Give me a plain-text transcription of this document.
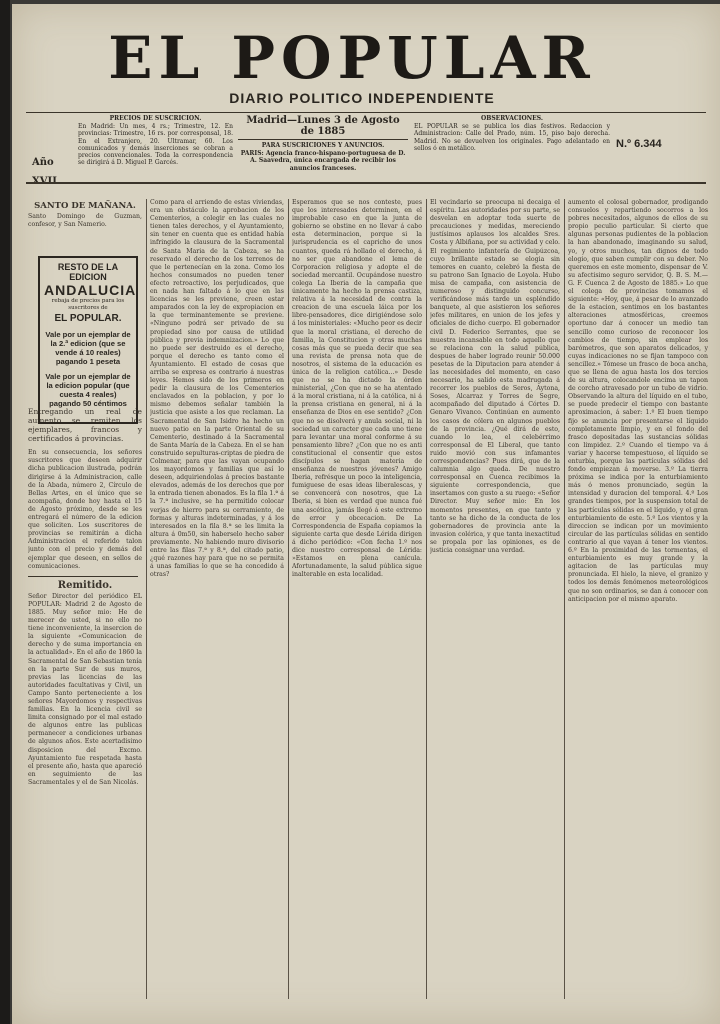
EL POPULAR
DIARIO POLITICO INDEPENDIENTE
Año
PRECIOS DE SUSCRICION.
En Madrid: Un mes, 4 rs.; Trimestre, 12. En provincias: Trimestre, 16 rs. por corresponsal, 18. En el Extranjero, 20. Ultramar, 60. Los comunicados y demás inserciones se cobran a precios convencionales. Toda la correspondencia se dirigirá á D. Miguel P. Garcés.
Madrid—Lunes 3 de Agosto de 1885
PARA SUSCRICIONES Y ANUNCIOS.
PARIS: Agencia franco-hispano-portuguesa de D. A. Saavedra, única encargada de recibir los anuncios franceses.
OBSERVACIONES.
EL POPULAR se se publica los dias festivos. Redaccion y Administracion: Calle del Prado, núm. 15, piso bajo derecha. Madrid. No se devuelven los originales. Pago adelantado en sellos ó en metálico.	N.º 6.344
SANTO DE MAÑANA.
Santo Domingo de Guzman, confesor, y San Namerio.
Entregando un real de aumento se remiten los ejemplares, francos y certificados á provincias.
En su consecuencia, los señores suscritores que deseen adquirir dicha publicacion ilustrada, podrán dirigirse á la Administracion, calle de la Abada, número 2, Círculo de Bellas Artes, en el único que se acompaña, donde hoy hasta el 15 de Agosto próximo, desde se les entregará el número de la edicion que soliciten. Los suscritores de provincias se remitirán a dicha Administracion el referido talon junto con el precio y demás del ejemplar que deseen, en sellos de comunicaciones.
Remitido.
Señor Director del periódico EL POPULAR: Madrid 2 de Agosto de 1885. Muy señor mio: He de merecer de usted, si no ello no tiene inconveniente, la insercion de la siguiente «Comunicacion de derecho y de suma importancia en la actualidad». En el año de 1860 la Sacramental de San Sebastian tenía en la parte Sur de sus muros, previas las licencias de las autoridades facultativas y Civil, un Campo Santo perteneciente a los señores Mayordomos y respectivas familias. En la licencia civil se limita consignado por el mal estado de algunos entre las publicas permanecer a condiciones urbanas de algunos años. Este acertadisimo disposicion del Excmo. Ayuntamiento fue respetada hasta el presente año, hasta que apareció en seguimiento de las Sacramentales y el de San Nicolás.
RESTO DE LA EDICION
ANDALUCIA
rebaja de precios para los suscritores de
EL POPULAR.
Vale por un ejemplar de la 2.ª edicion (que se vende á 10 reales) pagando 1 peseta
Vale por un ejemplar de la edicion popular (que cuesta 4 reales) pagando 50 céntimos
Como para el arriendo de estas viviendas, era un obstáculo la aprobacion de los Cementerios, a colegir en las cuales no tienen tales derechos, y el Ayuntamiento, sin tener en cuenta que es entidad había infringido la clausura de la Sacramental de Santa Maria de la Cabeza, se ha reservado el derecho de los terrenos de que le pertenecían en la zona. Como los hechos consumados no pueden tener efecto retroactivo, los perjudicados, que en nada han faltado á lo que en las licencias se les previene, creen estar amparados con la ley de expropiacion en la que terminantemente se previene. «Ninguno podrá ser privado de su propiedad sino por causa de utilidad pública y previa indemnizacion.» Lo que no puede ser destruido es el derecho, porque el derecho es tanto como el Ayuntamiento. El estado de cosas que arriba se expresa es contrario á nuestras leyes. Hemos sido de los primeros en pedir la clausura de los Cementerios enclavados en la poblacion, y por lo mismo debemos señalar también la justicia que asiste a los que reclaman. La Sacramental de San Isidro ha hecho un nuevo patio en la parte Oriental de su Cementerio, destinado á la Sacramental de Santa María de la Cabeza. En el se han construido sepulturas-criptas de piedra de Colmenar, para que las vayan ocupando los mayordomos y familias que así lo deseen, adquiriendolas á precios bastante elevados, además de los derechos que por la entrada tienen abonados. Es la fila 1.ª á la 7.ª inclusive, se ha permitido colocar verjas de hierro para su cerramiento, de formas y alturas indeterminadas, y á los interesados en la fila 8.ª se les limita la altura á 0m50, sin haberselo hecho saber previamente. No habiendo muro divisorio entre las filas 7.ª y 8.ª, del citado patio, ¿qué razones hay para que no se permita á unas familias lo que se ha concedido á otras?
Esperamos que se nos conteste, pues que los interesados determinen, en el improbable caso en que la junta de gobierno se obstine en no llevar á cabo esta determinacion, porque si la jurisprudencia es el capricho de unos cuantos, queda rá hollado el derecho, á no ser que abandone el lema de Corporacion religiosa y adopte el de sociedad mercantil. Ocupándose nuestro colega La Iberia de la campaña que únicamente ha hecho la prensa castiza, relativa á la necesidad de contra la creacion de una escuela láica por los libre-pensadores, dice dirigiéndose solo á los ministeriales: «Mucho peor es decir que la moral cristiana, el derecho de familia, la Constitucion y otras muchas cosas más que se pueda decir que sea una revista de prensa nota que de nosotros, el sistema de la educación es única de la religion católica...» Desde que no se ha dictado la órden ministerial, ¿Con que no se ha atentado á la moral cristiana, ni á la católica, ni á la prensa cristiana en general, ni á la enseñanza de Dios en ese sentido? ¿Con que no se disolverá y anula social, ni la sociedad un caracter gue cada uno tiene para levantar una moral conforme á su pensamiento libre? ¿Con que no es anti constitucional el consentir que estos discípulos se hagan materia de enseñanza de nuestros jóvenes? Amigo Iberia, refrésque un poco la inteligencia, fumiguese de esas ideas liberalescas, y se convencerá con nosotros, que La Iberia, si bien es verdad que nunca fué una ascética, jamás llegó á este extremo de error y obcecacion. De La Correspondencia de España copiamos la siguiente carta que desde Lérida dirigen á dicho periódico: «Con fecha 1.º nos dice nuestro corresponsal de Lérida: »Estamos en plena canícula. Afortunadamente, la salud pública sigue inalterable en esta localidad.
El vecindario se preocupa ni decaiga el espíritu. Las autoridades por su parte, se desvelan en adoptar toda suerte de precauciones y medidas, mereciendo justísimos aplausos los alcaldes Sres. Costa y Albiñana, por su actividad y celo. El regimiento infantería de Guipúzcoa, cuyo brillante estado se elogia sin temores en cuanto, celebró la fiesta de su patrono San Ignacio de Loyola. Hubo misa de campaña, con asistencia de numeroso y distinguido concurso, verificándose más tarde un espléndido banquete, al que asistieron los señores jefes militares, en union de los jefes y oficiales de dicho cuerpo. El gobernador civil D. Federico Serrantes, que se muestra incansable en todo aquello que se relaciona con la salud pública, despues de haber logrado reunir 50.000 pesetas de la Diputacion para atender á las necesidades del momento, en caso necesario, ha salido esta madrugada á recorrer los pueblos de Seros, Aytona, Soses, Alcarraz y Torres de Segre, acompañado del diputado á Córtes D. Genaro Vivanco. Continúan en aumento los casos de cólera en algunos pueblos de la provincia. ¿Qué dirá de esto, cuando lo lea, el celebérrimo corresponsal de El Liberal, que tanto ruido movió con sus infamantes correspondencias? Pues dirá, que de la calumnia algo queda. De nuestro corresponsal en Cuenca recibimos la siguiente correspondencia, que insertamos con gusto a su ruego: «Señor Director. Muy señor mio: En los momentos presentes, en que tanto y tanto se ha dicho de la conducta de los gobernadores de provincia ante la invasion colérica, y que tanta inexactitud se propala por las opiniones, es de justicia consignar una verdad.
aumento el colosal gobernador, prodigando consuelos y repartiendo socorros a los pobres necesitados, algunos de ellos de su propio peculio particular. Si cierto que algunas personas pudientes de la poblacion la han abandonado, imaginando su salud, yo, y otros muchos, tan dignos de todo elogio, que saben cumplir con su deber. No queremos en este momento, dispensar de V. su afectisimo seguro servidor, Q. B. S. M.—G. F. Cuenca 2 de Agosto de 1885.» Lo que el colega de provincias tomamos el siguiente: «Hoy, que, á pesar de lo avanzado de la estacion, sentimos en los bastantes alteraciones atmosféricas, creemos oportuno dar á conocer un medio tan sencillo como curioso de reconocer los cambios de tiempo, sin emplear los barómetros, que son aparatos delicados, y cuyas indicaciones no se fijan tampoco con sencillez.» Tómese un frasco de boca ancha, que se llena de agua hasta los dos tercios de su altura, colocandole encima un tapon de corcho atravesado por un tubo de vidrio. Observando la altura del líquido en el tubo, se puede predecir el tiempo con bastante aproximacion, á saber: 1.º El buen tiempo fijo se anuncia por presentarse el líquido completamente limpio, y en el fondo del frasco depositadas las sustancias sólidas con limpidez. 2.º Cuando el tiempo va á variar y hacerse tempestuoso, el líquido se enturbia, porque las partículas sólidas del fondo empiezan á moverse. 3.º La tierra próxima se indica por la enturbiamiento más ó menos pronunciado, según la intensidad y duracion del temporal. 4.º Los grandes tiempos, por la suspension total de las partículas sólidas en el líquido, y el gran enturbiamiento de este. 5.º Los vientos y la direccion se indican por un movimiento circular de las partículas sólidas en sentido contrario al que vayan á tener los vientos. 6.º En la proximidad de las tormentas, el enturbiamiento es muy grande y la agitacion de las partículas muy pronunciada. El hielo, la nieve, el granizo y todos los demás fenómenos meteorológicos que no son ordinarios, se dan á conocer con anticipacion por el mismo aparato.
